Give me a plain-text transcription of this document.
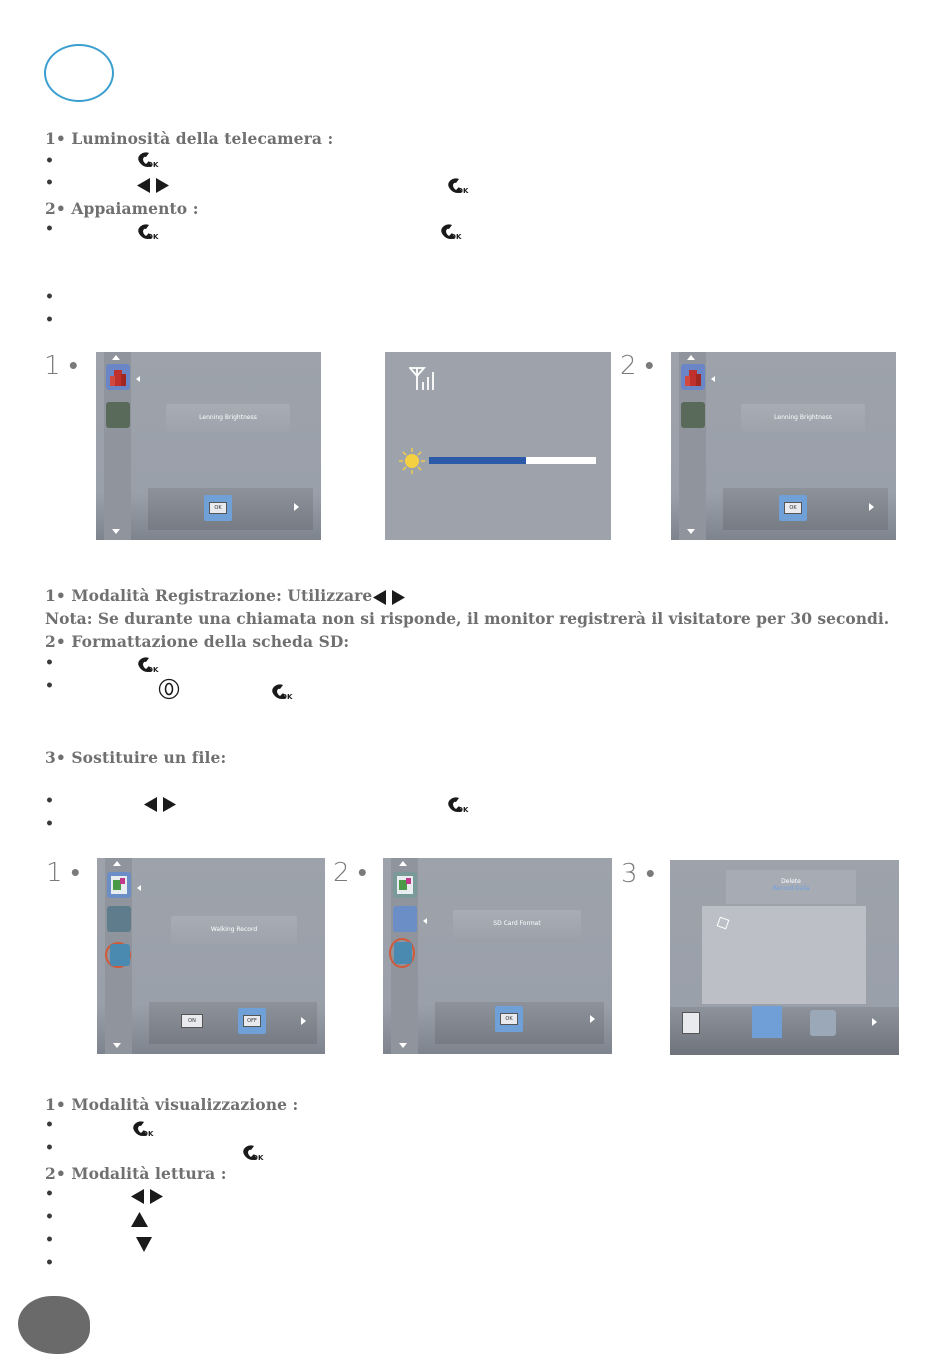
1• Luminosità della telecamera :
•	OK
•	OK
2• Appaiamento :
•	OK	OK
•
•
1 •
Lenning Brightness
OK
2 •
Lenning Brightness
OK
1• Modalità Registrazione: Utilizzare
Nota: Se durante una chiamata non si risponde, il monitor registrerà il visitatore per 30 secondi.
2• Formattazione della scheda SD:
•	OK
•
OK
3• Sostituire un file:
•
OK
•
1 •
Walking Record
ON	OFF
2 •
SD Card Format
OK
3 •	Delete
Record Data
1• Modalità visualizzazione :
•
OK
•
OK
2• Modalità lettura :
•
•
•
•
